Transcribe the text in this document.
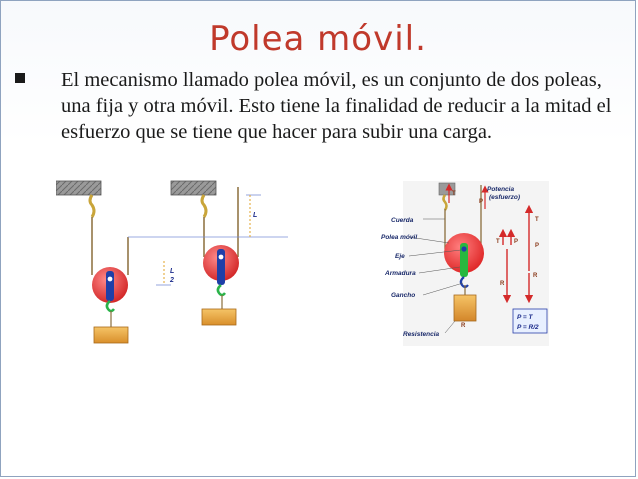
Polea móvil.
El mecanismo llamado polea móvil, es un conjunto de dos poleas, una fija y otra móvil. Esto tiene la finalidad de reducir a la mitad el esfuerzo que se tiene que hacer para subir una carga.
L
L
2
R
Cuerda
Polea móvil
Eje
Armadura
Gancho
Resistencia
T
P
Potencia
(esfuerzo)
T P
R
T
P
R
P = T
P = R/2
